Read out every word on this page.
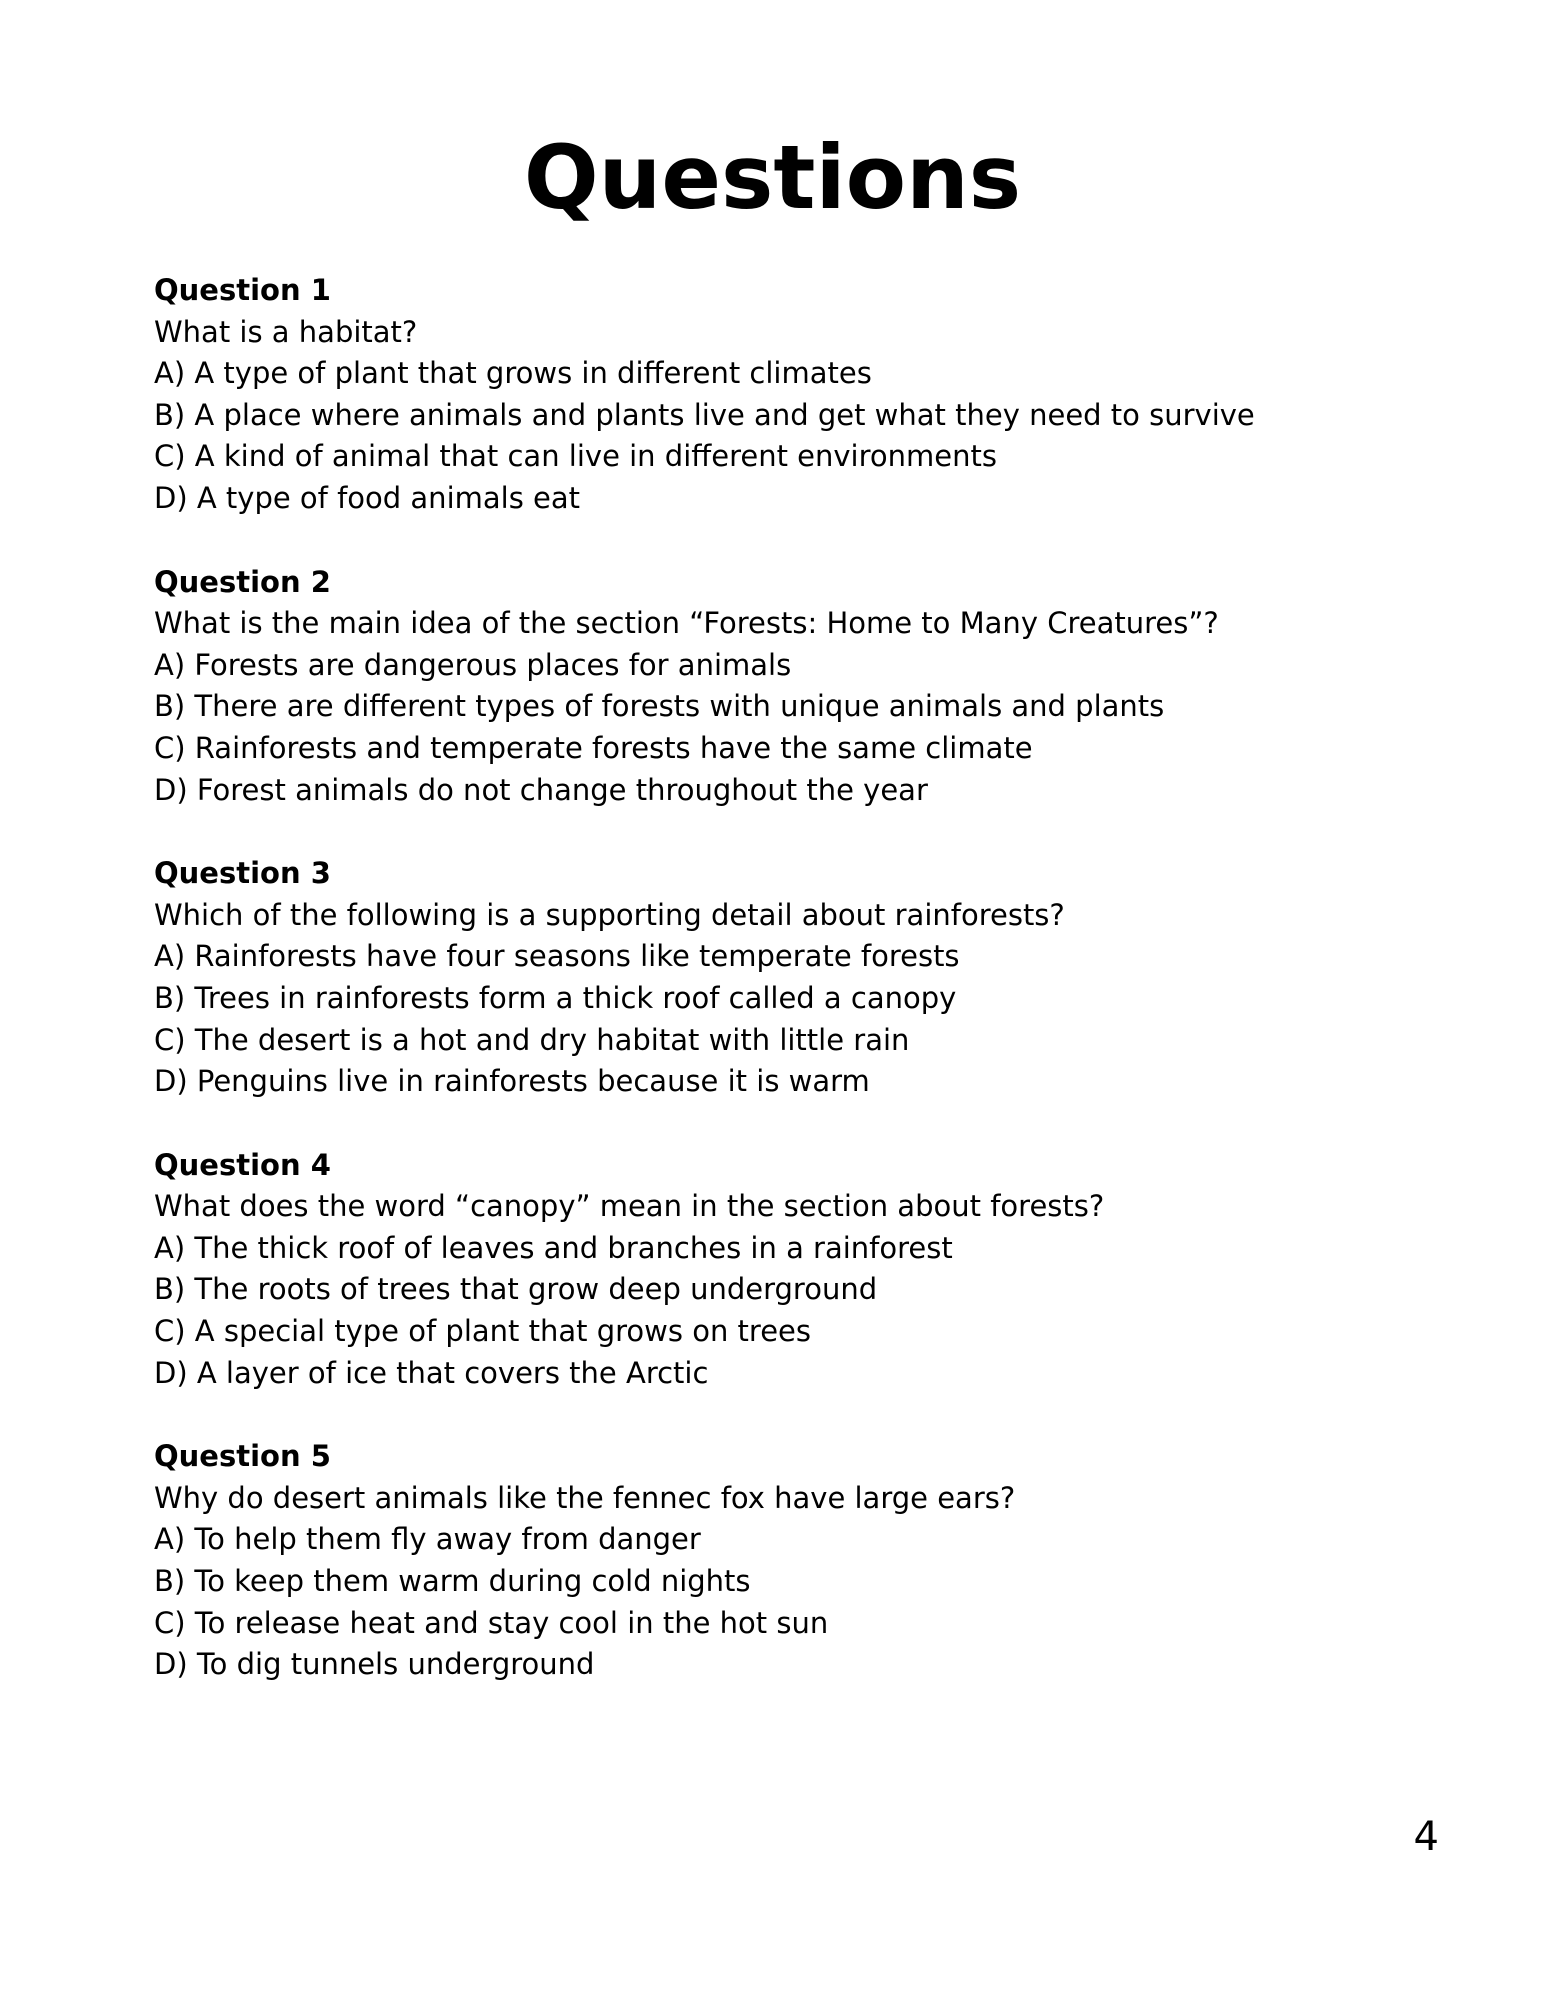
Questions

Question 1

What is a habitat?

A) A type of plant that grows in different climates
B) A place where animals and plants live and get what they need to survive
C) A kind of animal that can live in different environments
D) A type of food animals eat

Question 2

What is the main idea of the section “Forests: Home to Many Creatures”?

A) Forests are dangerous places for animals
B) There are different types of forests with unique animals and plants
C) Rainforests and temperate forests have the same climate
D) Forest animals do not change throughout the year

Question 3

Which of the following is a supporting detail about rainforests?

A) Rainforests have four seasons like temperate forests
B) Trees in rainforests form a thick roof called a canopy
C) The desert is a hot and dry habitat with little rain
D) Penguins live in rainforests because it is warm

Question 4

What does the word “canopy” mean in the section about forests?

A) The thick roof of leaves and branches in a rainforest
B) The roots of trees that grow deep underground
C) A special type of plant that grows on trees
D) A layer of ice that covers the Arctic

Question 5

Why do desert animals like the fennec fox have large ears?

A) To help them fly away from danger
B) To keep them warm during cold nights
C) To release heat and stay cool in the hot sun
D) To dig tunnels underground
4
